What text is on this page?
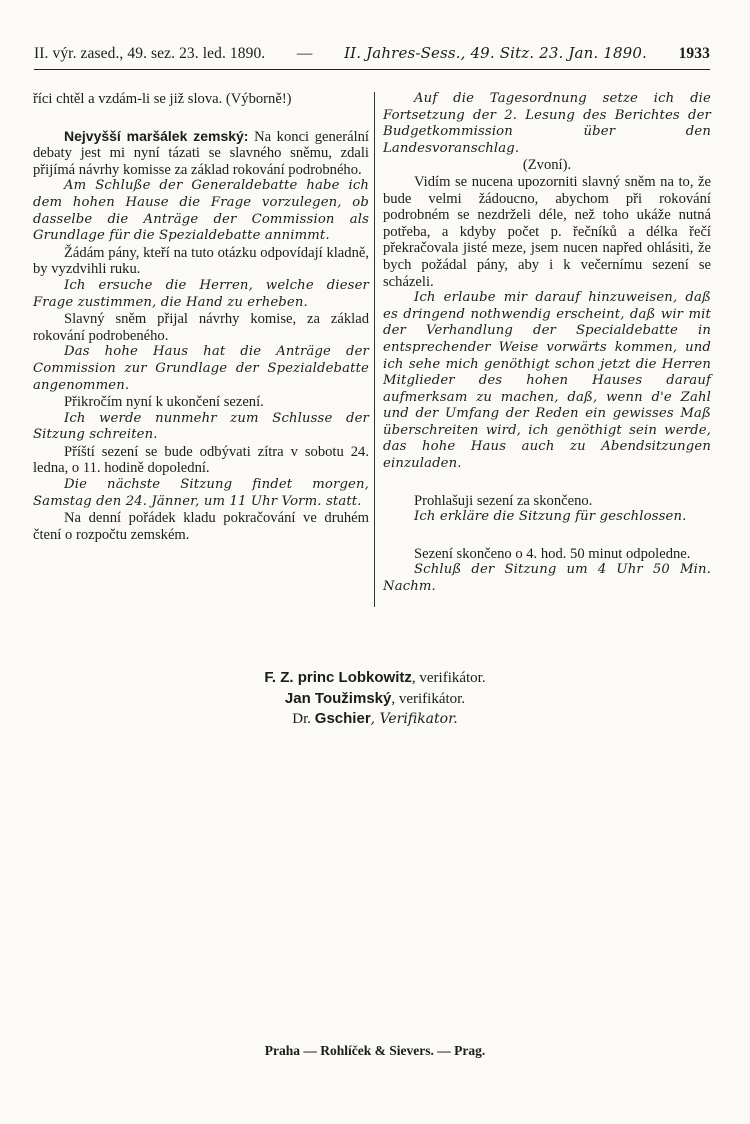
II. výr. zased., 49. sez. 23. led. 1890. — II. Jahres-Sess., 49. Sitz. 23. Jan. 1890. 1933

říci chtěl a vzdám-li se již slova. (Výborně!)

Nejvyšší maršálek zemský: Na konci generální debaty jest mi nyní tázati se slavného sněmu, zdali přijímá návrhy komisse za základ rokování podrobného.

Am Schluße der Generaldebatte habe ich dem hohen Hause die Frage vorzulegen, ob dasselbe die Anträge der Commission als Grundlage für die Spezialdebatte annimmt.

Žádám pány, kteří na tuto otázku odpovídají kladně, by vyzdvihli ruku.

Ich ersuche die Herren, welche dieser Frage zustimmen, die Hand zu erheben.

Slavný sněm přijal návrhy komise, za základ rokování podrobeného.

Das hohe Haus hat die Anträge der Commission zur Grundlage der Spezialdebatte angenommen.

Přikročím nyní k ukončení sezení.

Ich werde nunmehr zum Schlusse der Sitzung schreiten.

Příští sezení se bude odbývati zítra v sobotu 24. ledna, o 11. hodině dopolední.

Die nächste Sitzung findet morgen, Samstag den 24. Jänner, um 11 Uhr Vorm. statt.

Na denní pořádek kladu pokračování ve druhém čtení o rozpočtu zemském.

Auf die Tagesordnung setze ich die Fortsetzung der 2. Lesung des Berichtes der Budgetkommission über den Landesvoranschlag.

(Zvoní).

Vidím se nucena upozorniti slavný sněm na to, že bude velmi žádoucno, abychom při rokování podrobném se nezdrželi déle, než toho ukáže nutná potřeba, a kdyby počet p. řečníků a délka řečí překračovala jisté meze, jsem nucen napřed ohlásiti, že bych požádal pány, aby i k večernímu sezení se scházeli.

Ich erlaube mir darauf hinzuweisen, daß es dringend nothwendig erscheint, daß wir mit der Verhandlung der Specialdebatte in entsprechender Weise vorwärts kommen, und ich sehe mich genöthigt schon jetzt die Herren Mitglieder des hohen Hauses darauf aufmerksam zu machen, daß, wenn d'e Zahl und der Umfang der Reden ein gewisses Maß überschreiten wird, ich genöthigt sein werde, das hohe Haus auch zu Abendsitzungen einzuladen.

Prohlašuji sezení za skončeno.

Ich erkläre die Sitzung für geschlossen.

Sezení skončeno o 4. hod. 50 minut odpoledne.

Schluß der Sitzung um 4 Uhr 50 Min. Nachm.

F. Z. princ Lobkowitz, verifikátor.
Jan Toužimský, verifikátor.
Dr. Gschier, Verifikator.
Praha — Rohlíček & Sievers. — Prag.
